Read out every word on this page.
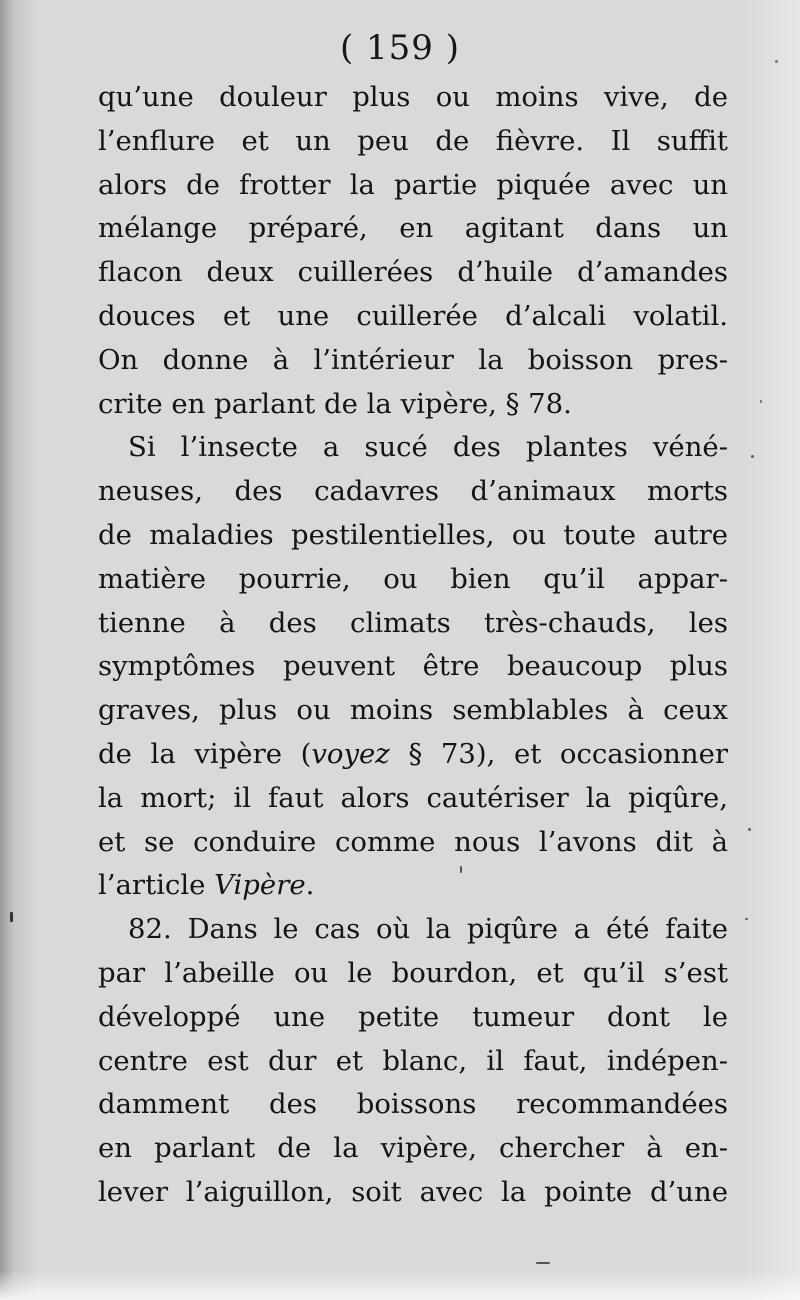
( 159 )
qu’une douleur plus ou moins vive, de
l’enflure et un peu de fièvre. Il suffit
alors de frotter la partie piquée avec un
mélange préparé, en agitant dans un
flacon deux cuillerées d’huile d’amandes
douces et une cuillerée d’alcali volatil.
On donne à l’intérieur la boisson pres-
crite en parlant de la vipère, § 78.
Si l’insecte a sucé des plantes véné-
neuses, des cadavres d’animaux morts
de maladies pestilentielles, ou toute autre
matière pourrie, ou bien qu’il appar-
tienne à des climats très-chauds, les
symptômes peuvent être beaucoup plus
graves, plus ou moins semblables à ceux
de la vipère (voyez § 73), et occasionner
la mort; il faut alors cautériser la piqûre,
et se conduire comme nous l’avons dit à
l’article Vipère.
82. Dans le cas où la piqûre a été faite
par l’abeille ou le bourdon, et qu’il s’est
développé une petite tumeur dont le
centre est dur et blanc, il faut, indépen-
damment des boissons recommandées
en parlant de la vipère, chercher à en-
lever l’aiguillon, soit avec la pointe d’une
